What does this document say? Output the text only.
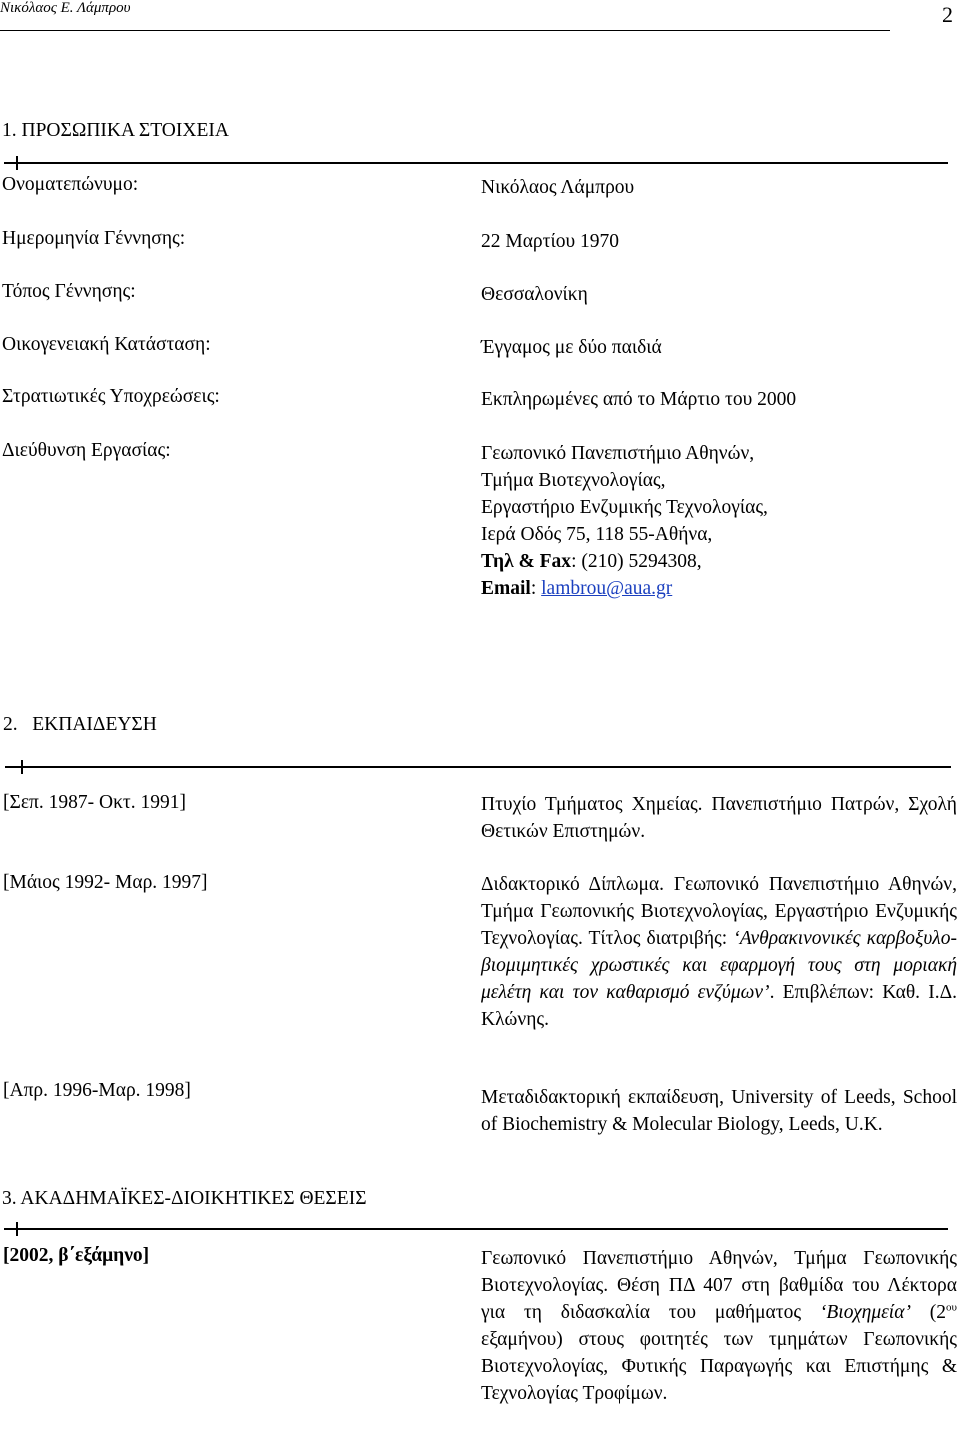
Νικόλαος Ε. Λάμπρου	2
1. ΠΡΟΣΩΠΙΚΑ ΣΤΟΙΧΕΙΑ
Ονοματεπώνυμο:	Νικόλαος Λάμπρου
Ημερομηνία Γέννησης:	22 Μαρτίου 1970
Τόπος Γέννησης:	Θεσσαλονίκη
Οικογενειακή Κατάσταση:	Έγγαμος με δύο παιδιά
Στρατιωτικές Υποχρεώσεις:	Εκπληρωμένες από το Μάρτιο του 2000
Διεύθυνση Εργασίας:	Γεωπονικό Πανεπιστήμιο Αθηνών,
Τμήμα Βιοτεχνολογίας,
Εργαστήριο Ενζυμικής Τεχνολογίας,
Ιερά Οδός 75, 118 55-Αθήνα,
Τηλ & Fax: (210) 5294308,
Email: lambrou@aua.gr
2.   ΕΚΠΑΙΔΕΥΣΗ
[Σεπ. 1987- Οκτ. 1991]	Πτυχίο Τμήματος Χημείας. Πανεπιστήμιο Πατρών, Σχολή Θετικών Επιστημών.
[Μάιος 1992- Μαρ. 1997]	Διδακτορικό Δίπλωμα. Γεωπονικό Πανεπιστήμιο Αθηνών, Τμήμα Γεωπονικής Βιοτεχνολογίας, Εργαστήριο Ενζυμικής Τεχνολογίας. Τίτλος διατριβής: ‘Ανθρακινονικές καρβοξυλο-βιομιμητικές χρωστικές και εφαρμογή τους στη μοριακή μελέτη και τον καθαρισμό ενζύμων’. Επιβλέπων: Καθ. Ι.Δ. Κλώνης.
[Απρ. 1996-Μαρ. 1998]	Μεταδιδακτορική εκπαίδευση, University of Leeds, School of Biochemistry & Molecular Biology, Leeds, U.K.
3. ΑΚΑΔΗΜΑΪΚΕΣ-ΔΙΟΙΚΗΤΙΚΕΣ ΘΕΣΕΙΣ
[2002, β΄εξάμηνο]	Γεωπονικό Πανεπιστήμιο Αθηνών, Τμήμα Γεωπονικής Βιοτεχνολογίας. Θέση ΠΔ 407 στη βαθμίδα του Λέκτορα για τη διδασκαλία του μαθήματος ‘Βιοχημεία’ ($2^{o\upsilon}$ εξαμήνου) στους φοιτητές των τμημάτων Γεωπονικής Βιοτεχνολογίας, Φυτικής Παραγωγής και Επιστήμης & Τεχνολογίας Τροφίμων.
